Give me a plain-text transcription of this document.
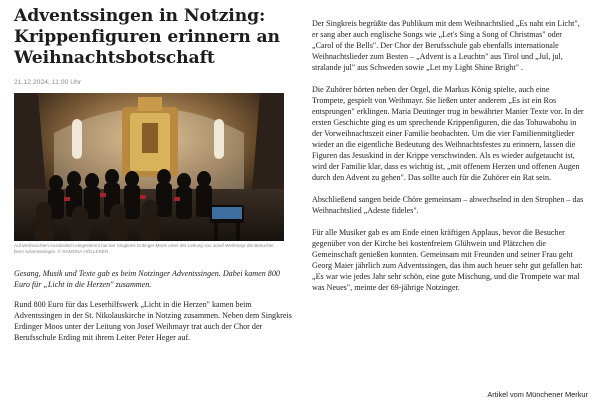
Adventssingen in Notzing: Krippenfiguren erinnern an Weihnachtsbotschaft
21.12.2024, 11:00 Uhr
Auf Weihnachten musikalisch eingestimmt hat der Singkreis Erdinger Moos unter der Leitung von Josef Weihmayr die Besucher beim Adventssingen. © RAMONA HÖLLERER
Gesang, Musik und Texte gab es beim Notzinger Adventssingen. Dabei kamen 800 Euro für „Licht in die Herzen" zusammen.
Rund 800 Euro für das Leserhilfswerk „Licht in die Herzen" kamen beim Adventssingen in der St. Nikolauskirche in Notzing zusammen. Neben dem Singkreis Erdinger Moos unter der Leitung von Josef Weihmayr trat auch der Chor der Berufsschule Erding mit ihrem Leiter Peter Heger auf.
Der Singkreis begrüßte das Publikum mit dem Weihnachtslied „Es naht ein Licht", er sang aber auch englische Songs wie „Let's Sing a Song of Christmas" oder „Carol of the Bells". Der Chor der Berufsschule gab ebenfalls internationale Weihnachtslieder zum Besten – „Advent is a Leuchtn" aus Tirol und „Jul, jul, stralande jul" aus Schweden sowie „Let my Light Shine Bright" .
Die Zuhörer hörten neben der Orgel, die Markus König spielte, auch eine Trompete, gespielt von Weihmayr. Sie ließen unter anderem „Es ist ein Ros entsprungen" erklingen. Maria Deutinger trug in bewährter Manier Texte vor. In der ersten Geschichte ging es um sprechende Krippenfiguren, die das Tohuwabohu in der Vorweihnachtszeit einer Familie beobachten. Um die vier Familienmitglieder wieder an die eigentliche Bedeutung des Weihnachtsfestes zu erinnern, lassen die Figuren das Jesuskind in der Krippe verschwinden. Als es wieder aufgetaucht ist, wird der Familie klar, dass es wichtig ist, „mit offenem Herzen und offenen Augen durch den Advent zu gehen". Das sollte auch für die Zuhörer ein Rat sein.
Abschließend sangen beide Chöre gemeinsam – abwechselnd in den Strophen – das Weihnachtslied „Adeste fideles".
Für alle Musiker gab es am Ende einen kräftigen Applaus, bevor die Besucher gegenüber von der Kirche bei kostenfreiem Glühwein und Plätzchen die Gemeinschaft genießen konnten. Gemeinsam mit Freunden und seiner Frau geht Georg Maier jährlich zum Adventssingen, das ihm auch heuer sehr gut gefallen hat: „Es war wie jedes Jahr sehr schön, eine gute Mischung, und die Trompete war mal was Neues", meinte der 69-jährige Notzinger.
Artikel vom Münchener Merkur
